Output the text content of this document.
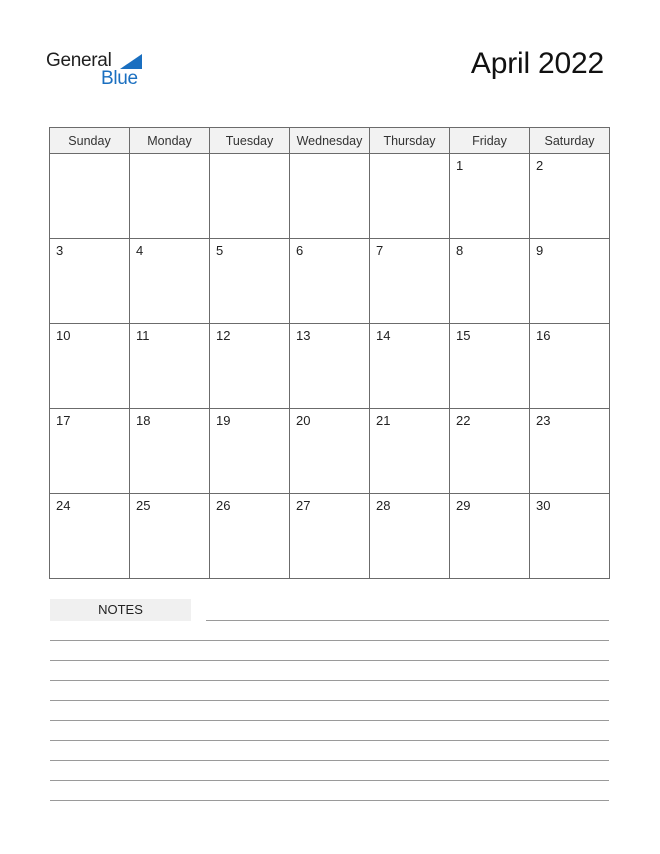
General
Blue	April 2022
Sunday	Monday	Tuesday	Wednesday	Thursday	Friday	Saturday

					1	2

3	4	5	6	7	8	9

10	11	12	13	14	15	16

17	18	19	20	21	22	23

24	25	26	27	28	29	30
NOTES
